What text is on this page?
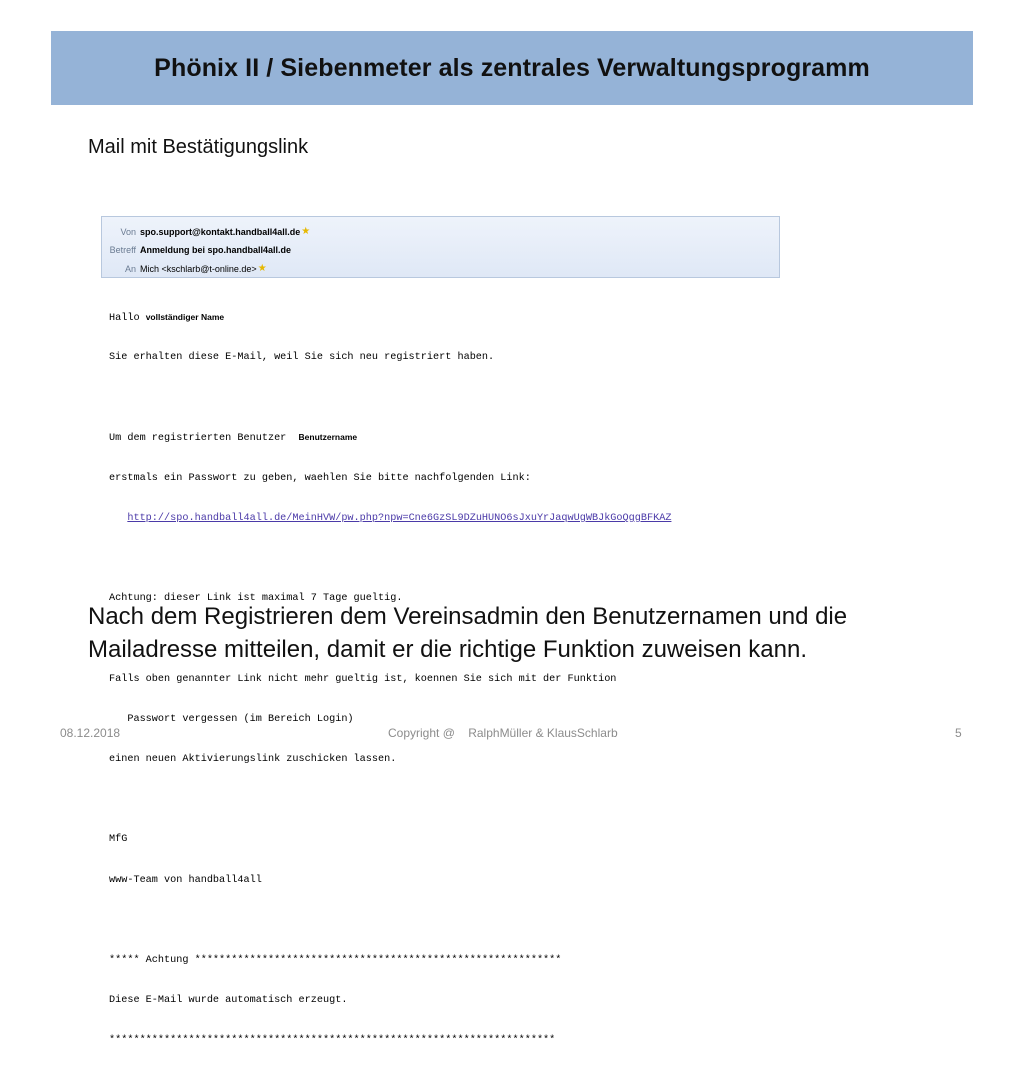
Phönix II / Siebenmeter als zentrales Verwaltungsprogramm
Mail mit Bestätigungslink
Von spo.support@kontakt.handball4all.de ★
Betreff Anmeldung bei spo.handball4all.de
An Mich <kschlarb@t-online.de> ★

Hallo vollständiger Name

Sie erhalten diese E-Mail, weil Sie sich neu registriert haben.

Um dem registrierten Benutzer  Benutzername

erstmals ein Passwort zu geben, waehlen Sie bitte nachfolgenden Link:

http://spo.handball4all.de/MeinHVW/pw.php?npw=Cne6GzSL9DZuHUNO6sJxuYrJaqwUgWBJkGoQggBFKAZ

Achtung: dieser Link ist maximal 7 Tage gueltig.

Falls oben genannter Link nicht mehr gueltig ist, koennen Sie sich mit der Funktion

Passwort vergessen (im Bereich Login)

einen neuen Aktivierungslink zuschicken lassen.

MfG

www-Team von handball4all

***** Achtung ************************************************************

Diese E-Mail wurde automatisch erzeugt.

*************************************************************************

Nach dem Registrieren dem Vereinsadmin den Benutzernamen und die
Mailadresse mitteilen, damit er die richtige Funktion zuweisen kann.
08.12.2018	Copyright @    RalphMüller & KlausSchlarb	5
